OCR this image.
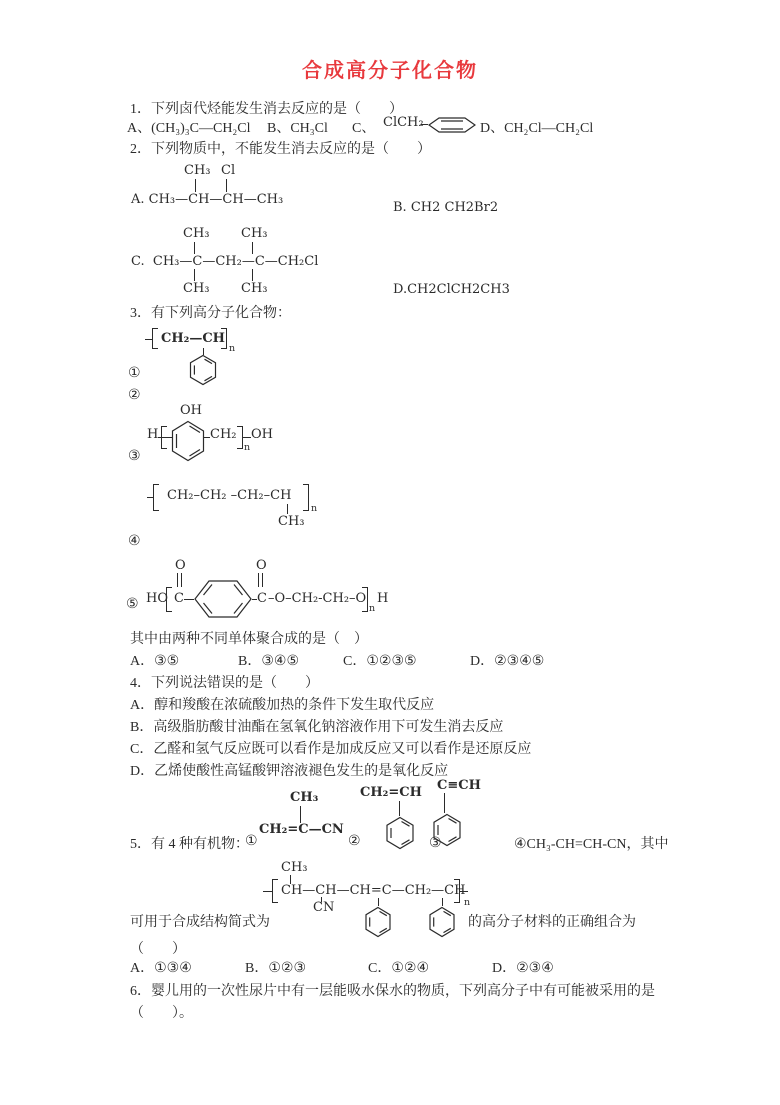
合成高分子化合物
1．下列卤代烃能发生消去反应的是（　　）
A、(CH₃)₃C—CH₂Cl B、CH₃Cl C、 ClCH₂	D、CH₂Cl—CH₂Cl
2．下列物质中，不能发生消去反应的是（　　）
CH₃ Cl
A. CH₃—CH—CH—CH₃
B. CH2 CH2Br2
CH₃ CH₃
C.  CH₃—C—CH₂—C—CH₂Cl
CH₃ CH₃	D.CH2ClCH2CH3
3．有下列高分子化合物：
CH₂—CH
n
①
②
OH
H	CH₂
n
OH
③
CH₂–CH₂ –CH₂–CH
n
CH₃
④
O	O
HO C	C –O–CH₂-CH₂–O
n
H
⑤
其中由两种不同单体聚合成的是（　）
A．③⑤	B．③④⑤	C．①②③⑤	D．②③④⑤
4．下列说法错误的是（　　）
A．醇和羧酸在浓硫酸加热的条件下发生取代反应
B．高级脂肪酸甘油酯在氢氧化钠溶液作用下可发生消去反应
C．乙醛和氢气反应既可以看作是加成反应又可以看作是还原反应
D．乙烯使酸性高锰酸钾溶液褪色发生的是氧化反应
CH₃
CH₂=C—CN
5．有 4 种有机物：
①	②
CH₂=CH
③
C≡CH
④CH₃-CH=CH-CN，其中
CH₃
CH—CH—CH=C—CH₂—CH
n
CN
可用于合成结构简式为	的高分子材料的正确组合为
（　　）
A．①③④	B．①②③	C．①②④	D．②③④
6．婴儿用的一次性尿片中有一层能吸水保水的物质，下列高分子中有可能被采用的是
（　　）。
